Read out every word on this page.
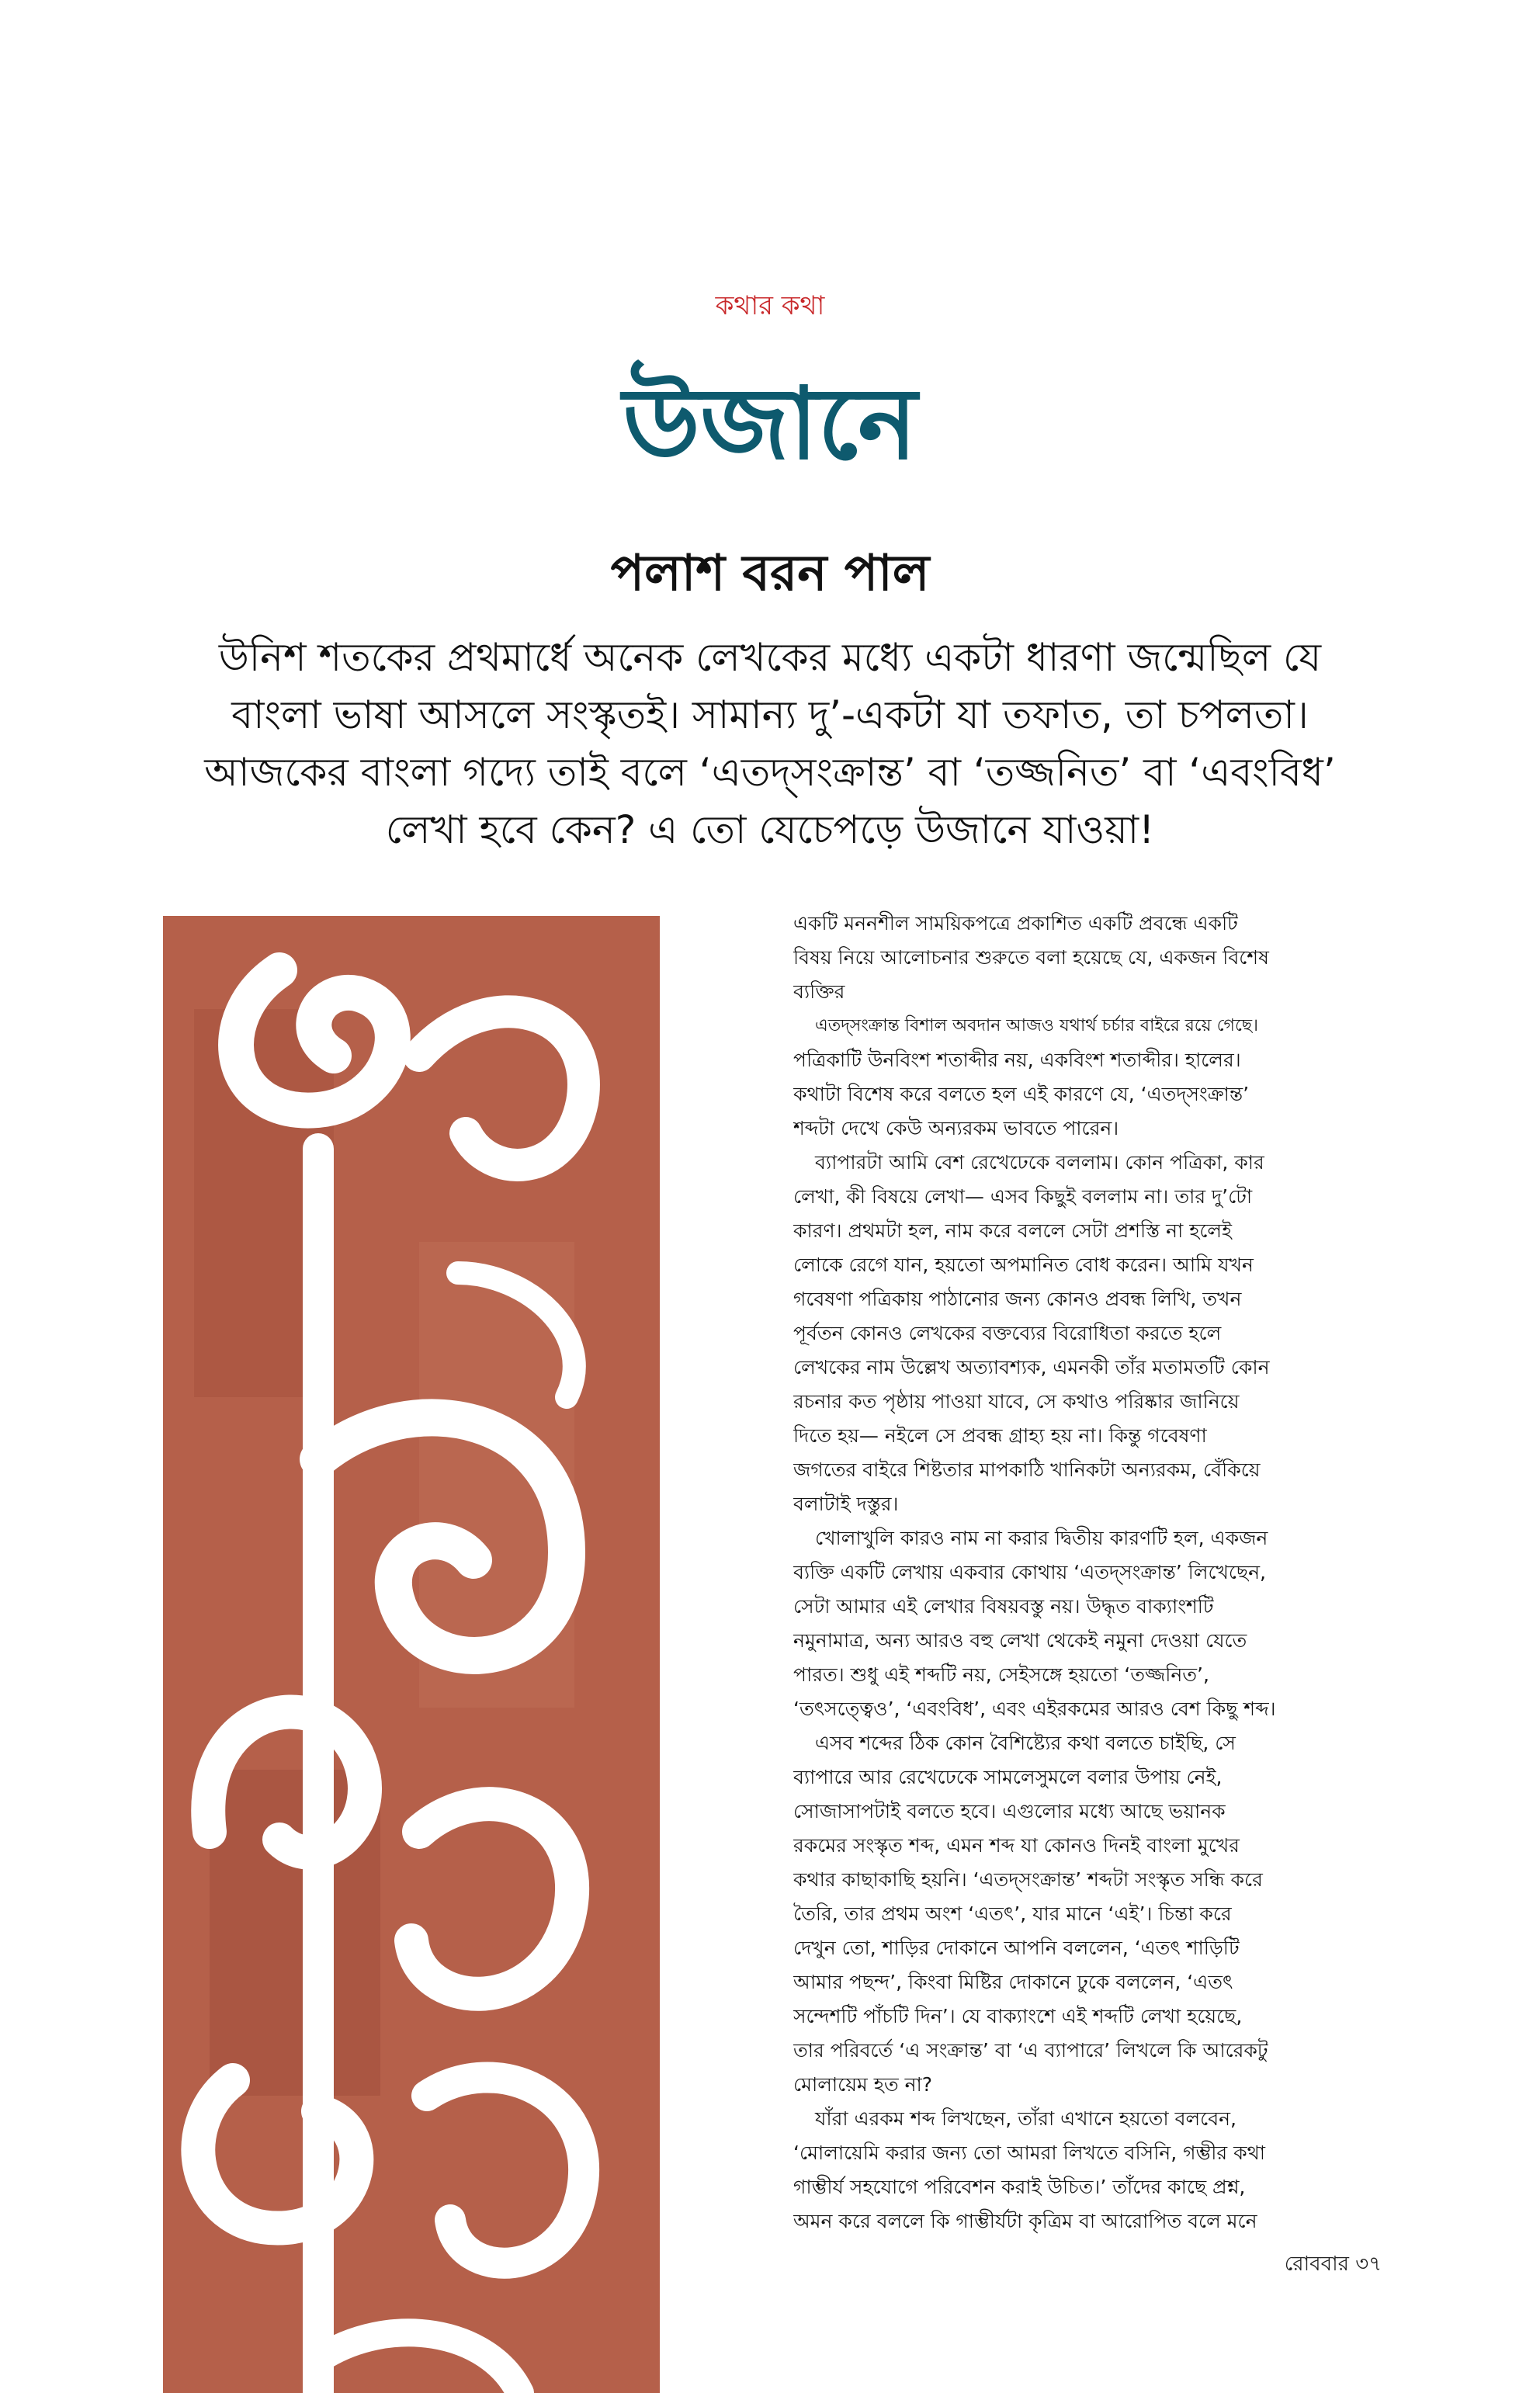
কথার কথা
উজানে
পলাশ বরন পাল
উনিশ শতকের প্রথমার্ধে অনেক লেখকের মধ্যে একটা ধারণা জন্মেছিল যে
বাংলা ভাষা আসলে সংস্কৃতই। সামান্য দু’-একটা যা তফাত, তা চপলতা।
আজকের বাংলা গদ্যে তাই বলে ‘এতদ্‌সংক্রান্ত’ বা ‘তজ্জনিত’ বা ‘এবংবিধ’
লেখা হবে কেন? এ তো যেচেপড়ে উজানে যাওয়া!
একটি মননশীল সাময়িকপত্রে প্রকাশিত একটি প্রবন্ধে একটি
বিষয় নিয়ে আলোচনার শুরুতে বলা হয়েছে যে, একজন বিশেষ
ব্যক্তির
এতদ্‌সংক্রান্ত বিশাল অবদান আজও যথার্থ চর্চার বাইরে রয়ে গেছে।
পত্রিকাটি উনবিংশ শতাব্দীর নয়, একবিংশ শতাব্দীর। হালের।
কথাটা বিশেষ করে বলতে হল এই কারণে যে, ‘এতদ্‌সংক্রান্ত’
শব্দটা দেখে কেউ অন্যরকম ভাবতে পারেন।
ব্যাপারটা আমি বেশ রেখেঢেকে বললাম। কোন পত্রিকা, কার
লেখা, কী বিষয়ে লেখা— এসব কিছুই বললাম না। তার দু’টো
কারণ। প্রথমটা হল, নাম করে বললে সেটা প্রশস্তি না হলেই
লোকে রেগে যান, হয়তো অপমানিত বোধ করেন। আমি যখন
গবেষণা পত্রিকায় পাঠানোর জন্য কোনও প্রবন্ধ লিখি, তখন
পূর্বতন কোনও লেখকের বক্তব্যের বিরোধিতা করতে হলে
লেখকের নাম উল্লেখ অত্যাবশ্যক, এমনকী তাঁর মতামতটি কোন
রচনার কত পৃষ্ঠায় পাওয়া যাবে, সে কথাও পরিষ্কার জানিয়ে
দিতে হয়— নইলে সে প্রবন্ধ গ্রাহ্য হয় না। কিন্তু গবেষণা
জগতের বাইরে শিষ্টতার মাপকাঠি খানিকটা অন্যরকম, বেঁকিয়ে
বলাটাই দস্তুর।
খোলাখুলি কারও নাম না করার দ্বিতীয় কারণটি হল, একজন
ব্যক্তি একটি লেখায় একবার কোথায় ‘এতদ্‌সংক্রান্ত’ লিখেছেন,
সেটা আমার এই লেখার বিষয়বস্তু নয়। উদ্ধৃত বাক্যাংশটি
নমুনামাত্র, অন্য আরও বহু লেখা থেকেই নমুনা দেওয়া যেতে
পারত। শুধু এই শব্দটি নয়, সেইসঙ্গে হয়তো ‘তজ্জনিত’,
‘তৎসত্ত্বেও’, ‘এবংবিধ’, এবং এইরকমের আরও বেশ কিছু শব্দ।
এসব শব্দের ঠিক কোন বৈশিষ্ট্যের কথা বলতে চাইছি, সে
ব্যাপারে আর রেখেঢেকে সামলেসুমলে বলার উপায় নেই,
সোজাসাপটাই বলতে হবে। এগুলোর মধ্যে আছে ভয়ানক
রকমের সংস্কৃত শব্দ, এমন শব্দ যা কোনও দিনই বাংলা মুখের
কথার কাছাকাছি হয়নি। ‘এতদ্‌সংক্রান্ত’ শব্দটা সংস্কৃত সন্ধি করে
তৈরি, তার প্রথম অংশ ‘এতৎ’, যার মানে ‘এই’। চিন্তা করে
দেখুন তো, শাড়ির দোকানে আপনি বললেন, ‘এতৎ শাড়িটি
আমার পছন্দ’, কিংবা মিষ্টির দোকানে ঢুকে বললেন, ‘এতৎ
সন্দেশটি পাঁচটি দিন’। যে বাক্যাংশে এই শব্দটি লেখা হয়েছে,
তার পরিবর্তে ‘এ সংক্রান্ত’ বা ‘এ ব্যাপারে’ লিখলে কি আরেকটু
মোলায়েম হত না?
যাঁরা এরকম শব্দ লিখছেন, তাঁরা এখানে হয়তো বলবেন,
‘মোলায়েমি করার জন্য তো আমরা লিখতে বসিনি, গম্ভীর কথা
গাম্ভীর্য সহযোগে পরিবেশন করাই উচিত।’ তাঁদের কাছে প্রশ্ন,
অমন করে বললে কি গাম্ভীর্যটা কৃত্রিম বা আরোপিত বলে মনে
রোববার ৩৭
